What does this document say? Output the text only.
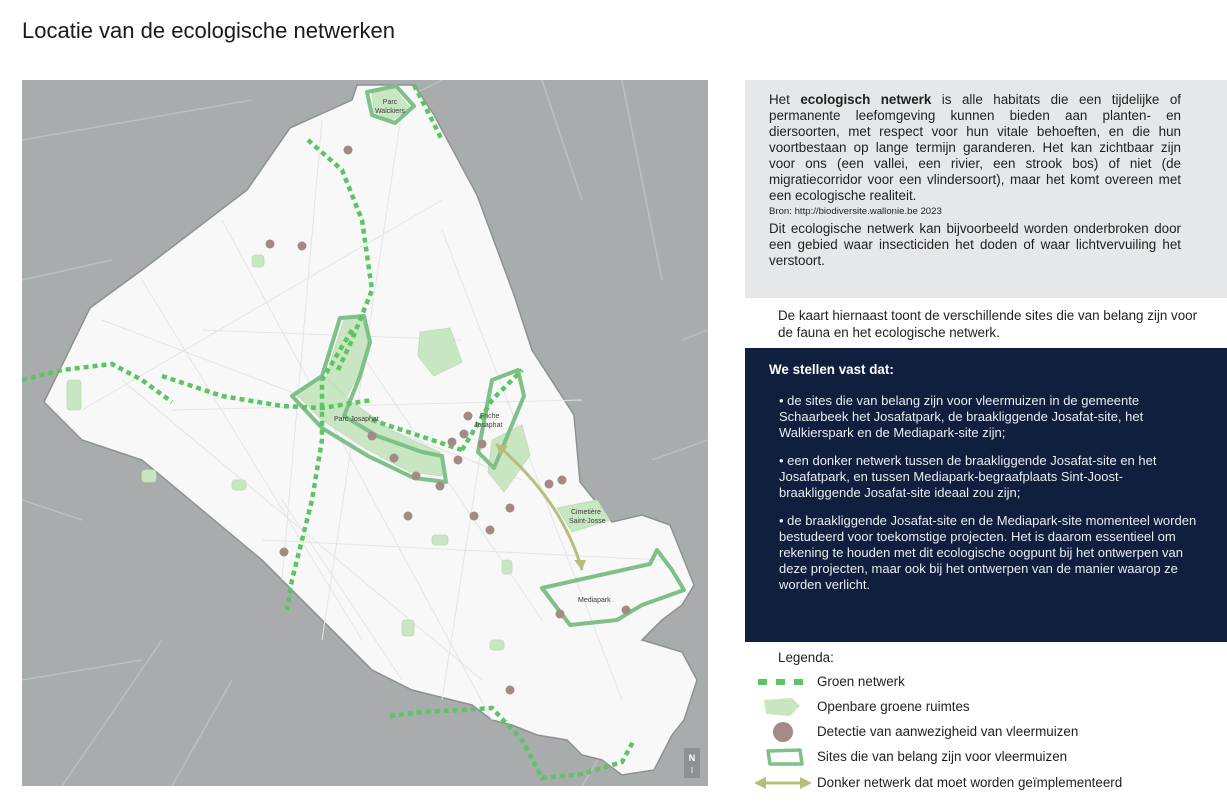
Locatie van de ecologische netwerken
Parc
Walckiers
Parc Josaphat	Friche
Josaphat
Cimetière
Saint-Josse
Mediapark
N
I

Het ecologisch netwerk is alle habitats die een tijdelijke of permanente leefomgeving kunnen bieden aan planten- en diersoorten, met respect voor hun vitale behoeften, en die hun voortbestaan op lange termijn garanderen. Het kan zichtbaar zijn voor ons (een vallei, een rivier, een strook bos) of niet (de migratiecorridor voor een vlindersoort), maar het komt overeen met een ecologische realiteit.

Bron: http://biodiversite.wallonie.be 2023

Dit ecologische netwerk kan bijvoorbeeld worden onderbroken door een gebied waar insecticiden het doden of waar lichtvervuiling het verstoort.

De kaart hiernaast toont de verschillende sites die van belang zijn voor de fauna en het ecologische netwerk.

We stellen vast dat:

• de sites die van belang zijn voor vleermuizen in de gemeente Schaarbeek het Josafatpark, de braakliggende Josafat-site, het Walkierspark en de Mediapark-site zijn;

• een donker netwerk tussen de braakliggende Josafat-site en het Josafatpark, en tussen Mediapark-begraafplaats Sint-Joost-braakliggende Josafat-site ideaal zou zijn;

• de braakliggende Josafat-site en de Mediapark-site momenteel worden bestudeerd voor toekomstige projecten. Het is daarom essentieel om rekening te houden met dit ecologische oogpunt bij het ontwerpen van deze projecten, maar ook bij het ontwerpen van de manier waarop ze worden verlicht.

Legenda:

Groen netwerk
Openbare groene ruimtes
Detectie van aanwezigheid van vleermuizen
Sites die van belang zijn voor vleermuizen
Donker netwerk dat moet worden geïmplementeerd
